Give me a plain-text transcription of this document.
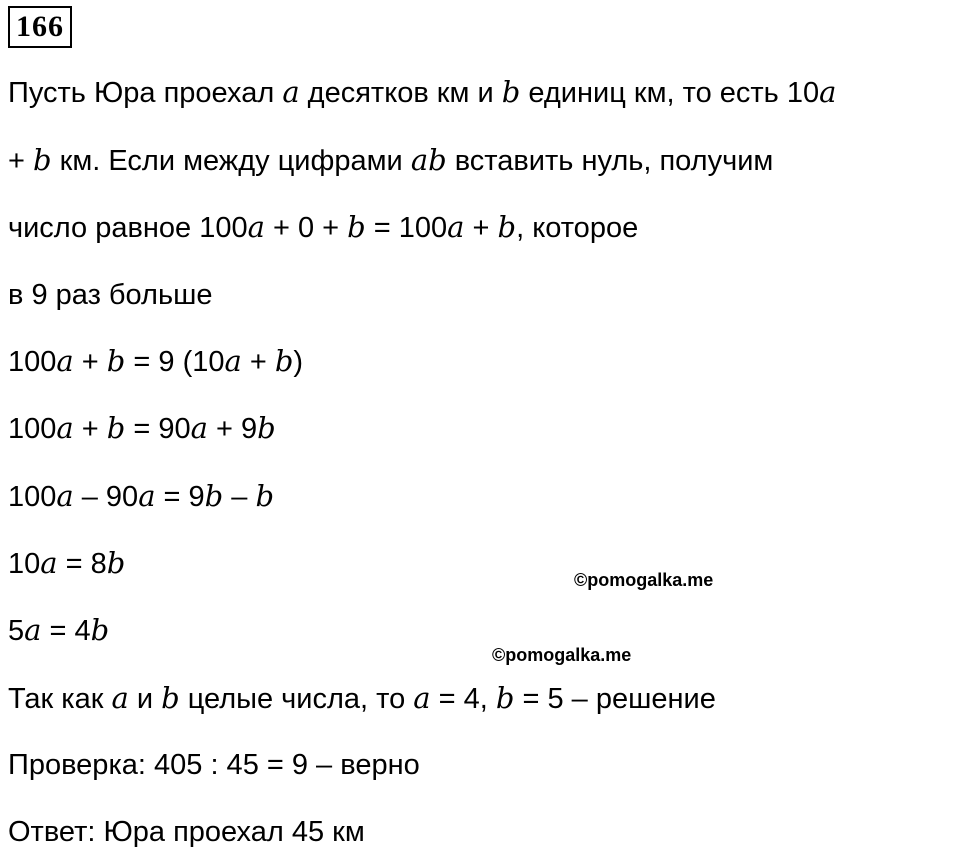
166
Пусть Юра проехал a десятков км и b единиц км, то есть 10a
+ b км. Если между цифрами ab вставить нуль, получим
число равное 100a + 0 + b = 100a + b, которое
в 9 раз больше
100a + b = 9 (10a + b)
100a + b = 90a + 9b
100a – 90a = 9b – b
10a = 8b
5a = 4b
Так как a и b целые числа, то a = 4, b = 5 – решение
Проверка: 405 : 45 = 9 – верно
Ответ: Юра проехал 45 км
©pomogalka.me
©pomogalka.me
